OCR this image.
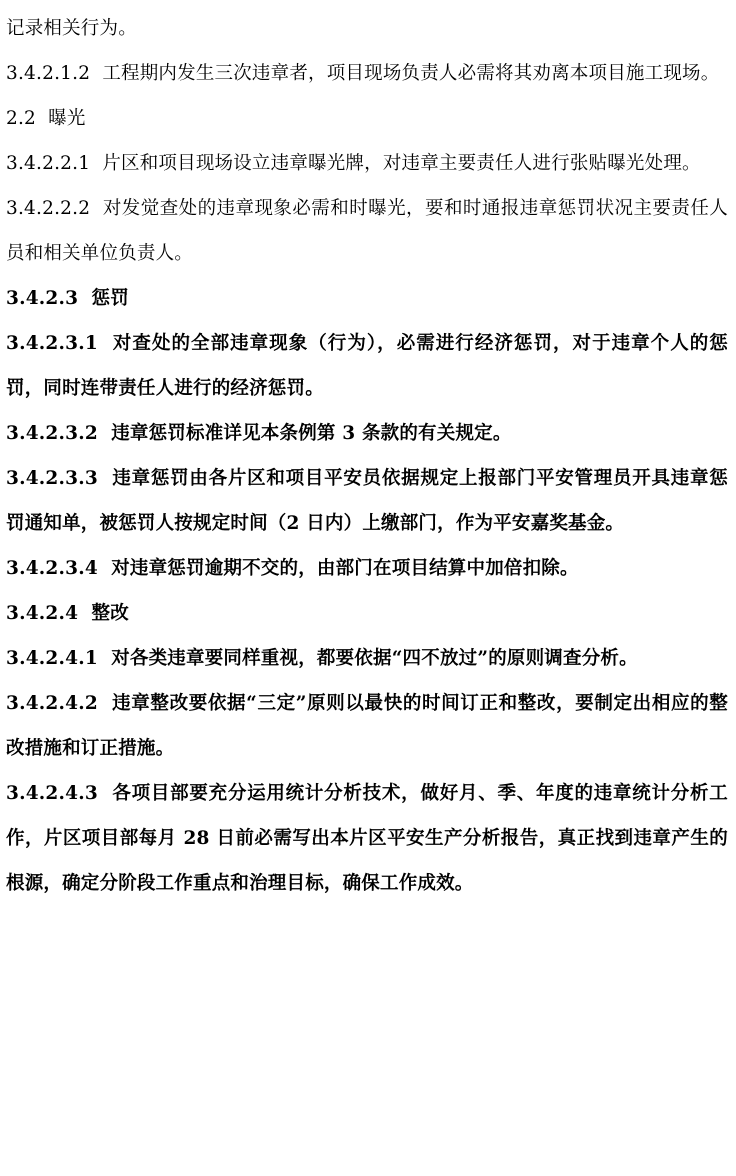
记录相关行为。

3.4.2.1.2  工程期内发生三次违章者，项目现场负责人必需将其劝离本项目施工现场。

2.2  曝光

3.4.2.2.1  片区和项目现场设立违章曝光牌，对违章主要责任人进行张贴曝光处理。

3.4.2.2.2  对发觉查处的违章现象必需和时曝光，要和时通报违章惩罚状况主要责任人员和相关单位负责人。

3.4.2.3  惩罚

3.4.2.3.1  对查处的全部违章现象（行为），必需进行经济惩罚，对于违章个人的惩罚，同时连带责任人进行的经济惩罚。

3.4.2.3.2  违章惩罚标准详见本条例第 3 条款的有关规定。

3.4.2.3.3  违章惩罚由各片区和项目平安员依据规定上报部门平安管理员开具违章惩罚通知单，被惩罚人按规定时间（2 日内）上缴部门，作为平安嘉奖基金。

3.4.2.3.4  对违章惩罚逾期不交的，由部门在项目结算中加倍扣除。

3.4.2.4  整改

3.4.2.4.1  对各类违章要同样重视，都要依据“四不放过”的原则调查分析。

3.4.2.4.2  违章整改要依据“三定”原则以最快的时间订正和整改，要制定出相应的整改措施和订正措施。

3.4.2.4.3  各项目部要充分运用统计分析技术，做好月、季、年度的违章统计分析工作，片区项目部每月 28 日前必需写出本片区平安生产分析报告，真正找到违章产生的根源，确定分阶段工作重点和治理目标，确保工作成效。
